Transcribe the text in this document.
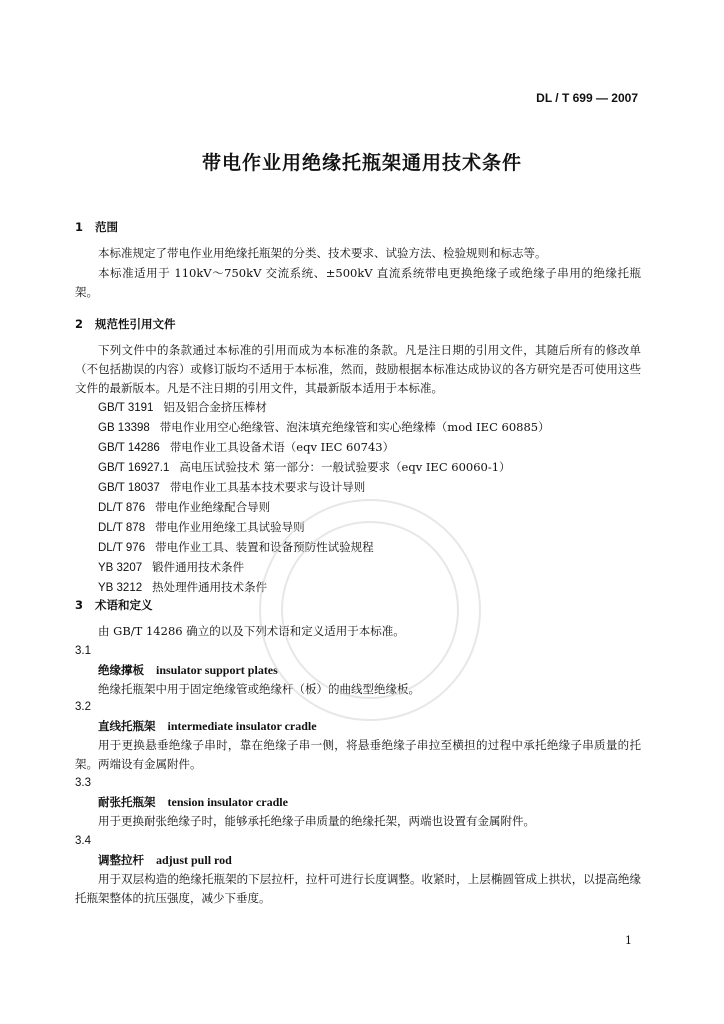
DL / T 699 — 2007
带电作业用绝缘托瓶架通用技术条件
1 范围
本标准规定了带电作业用绝缘托瓶架的分类、技术要求、试验方法、检验规则和标志等。
本标准适用于 110kV～750kV 交流系统、±500kV 直流系统带电更换绝缘子或绝缘子串用的绝缘托瓶架。
2 规范性引用文件
下列文件中的条款通过本标准的引用而成为本标准的条款。凡是注日期的引用文件，其随后所有的修改单（不包括勘误的内容）或修订版均不适用于本标准，然而，鼓励根据本标准达成协议的各方研究是否可使用这些文件的最新版本。凡是不注日期的引用文件，其最新版本适用于本标准。
GB/T 3191 铝及铝合金挤压棒材
GB 13398 带电作业用空心绝缘管、泡沫填充绝缘管和实心绝缘棒（mod IEC 60885）
GB/T 14286 带电作业工具设备术语（eqv IEC 60743）
GB/T 16927.1 高电压试验技术 第一部分：一般试验要求（eqv IEC 60060-1）
GB/T 18037 带电作业工具基本技术要求与设计导则
DL/T 876 带电作业绝缘配合导则
DL/T 878 带电作业用绝缘工具试验导则
DL/T 976 带电作业工具、装置和设备预防性试验规程
YB 3207 锻件通用技术条件
YB 3212 热处理件通用技术条件
3 术语和定义
由 GB/T 14286 确立的以及下列术语和定义适用于本标准。
3.1
绝缘撑板 insulator support plates
绝缘托瓶架中用于固定绝缘管或绝缘杆（板）的曲线型绝缘板。
3.2
直线托瓶架 intermediate insulator cradle
用于更换悬垂绝缘子串时，靠在绝缘子串一侧，将悬垂绝缘子串拉至横担的过程中承托绝缘子串质量的托架。两端设有金属附件。
3.3
耐张托瓶架 tension insulator cradle
用于更换耐张绝缘子时，能够承托绝缘子串质量的绝缘托架，两端也设置有金属附件。
3.4
调整拉杆 adjust pull rod
用于双层构造的绝缘托瓶架的下层拉杆，拉杆可进行长度调整。收紧时，上层椭圆管成上拱状，以提高绝缘托瓶架整体的抗压强度，减少下垂度。
1
